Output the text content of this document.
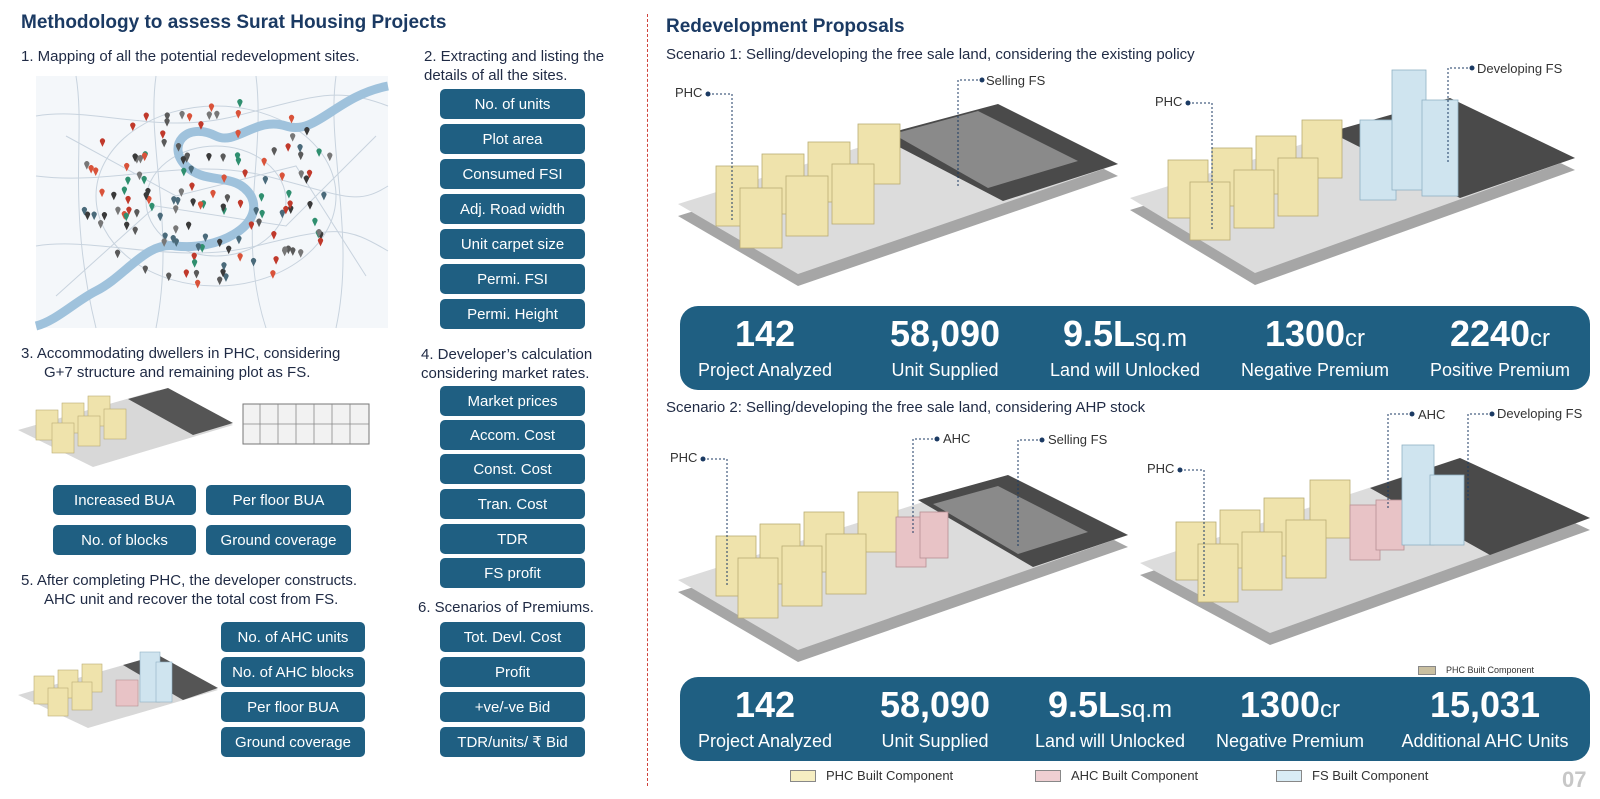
Methodology to assess Surat Housing Projects
1. Mapping of all the potential redevelopment sites.	2. Extracting and listing the
details of all the sites.
No. of units
Plot area
Consumed FSI
Adj. Road width
Unit carpet size
Permi. FSI
Permi. Height
3. Accommodating dwellers in PHC, considering
G+7 structure and remaining plot as FS.
Increased BUA	Per floor BUA
No. of blocks	Ground coverage
4. Developer’s calculation
considering market rates.
Market prices
Accom. Cost
Const. Cost
Tran. Cost
TDR
FS profit
5. After completing PHC, the developer constructs.
AHC unit and recover the total cost from FS.	6. Scenarios of Premiums.
No. of AHC units
No. of AHC blocks
Per floor BUA
Ground coverage
Tot. Devl. Cost
Profit
+ve/-ve Bid
TDR/units/ ₹ Bid
Redevelopment Proposals
Scenario 1: Selling/developing the free sale land, considering the existing policy
PHC
Selling FS
PHC
Developing FS
142
Project Analyzed
58,090
Unit Supplied
9.5Lsq.m
Land will Unlocked
1300cr
Negative Premium
2240cr
Positive Premium
Scenario 2: Selling/developing the free sale land, considering AHP stock
PHC
AHC	Selling FS
PHC
AHC	Developing FS
PHC Built Component
142
Project Analyzed
58,090
Unit Supplied
9.5Lsq.m
Land will Unlocked
1300cr
Negative Premium
15,031
Additional AHC Units
PHC Built Component	AHC Built Component	FS Built Component	07
